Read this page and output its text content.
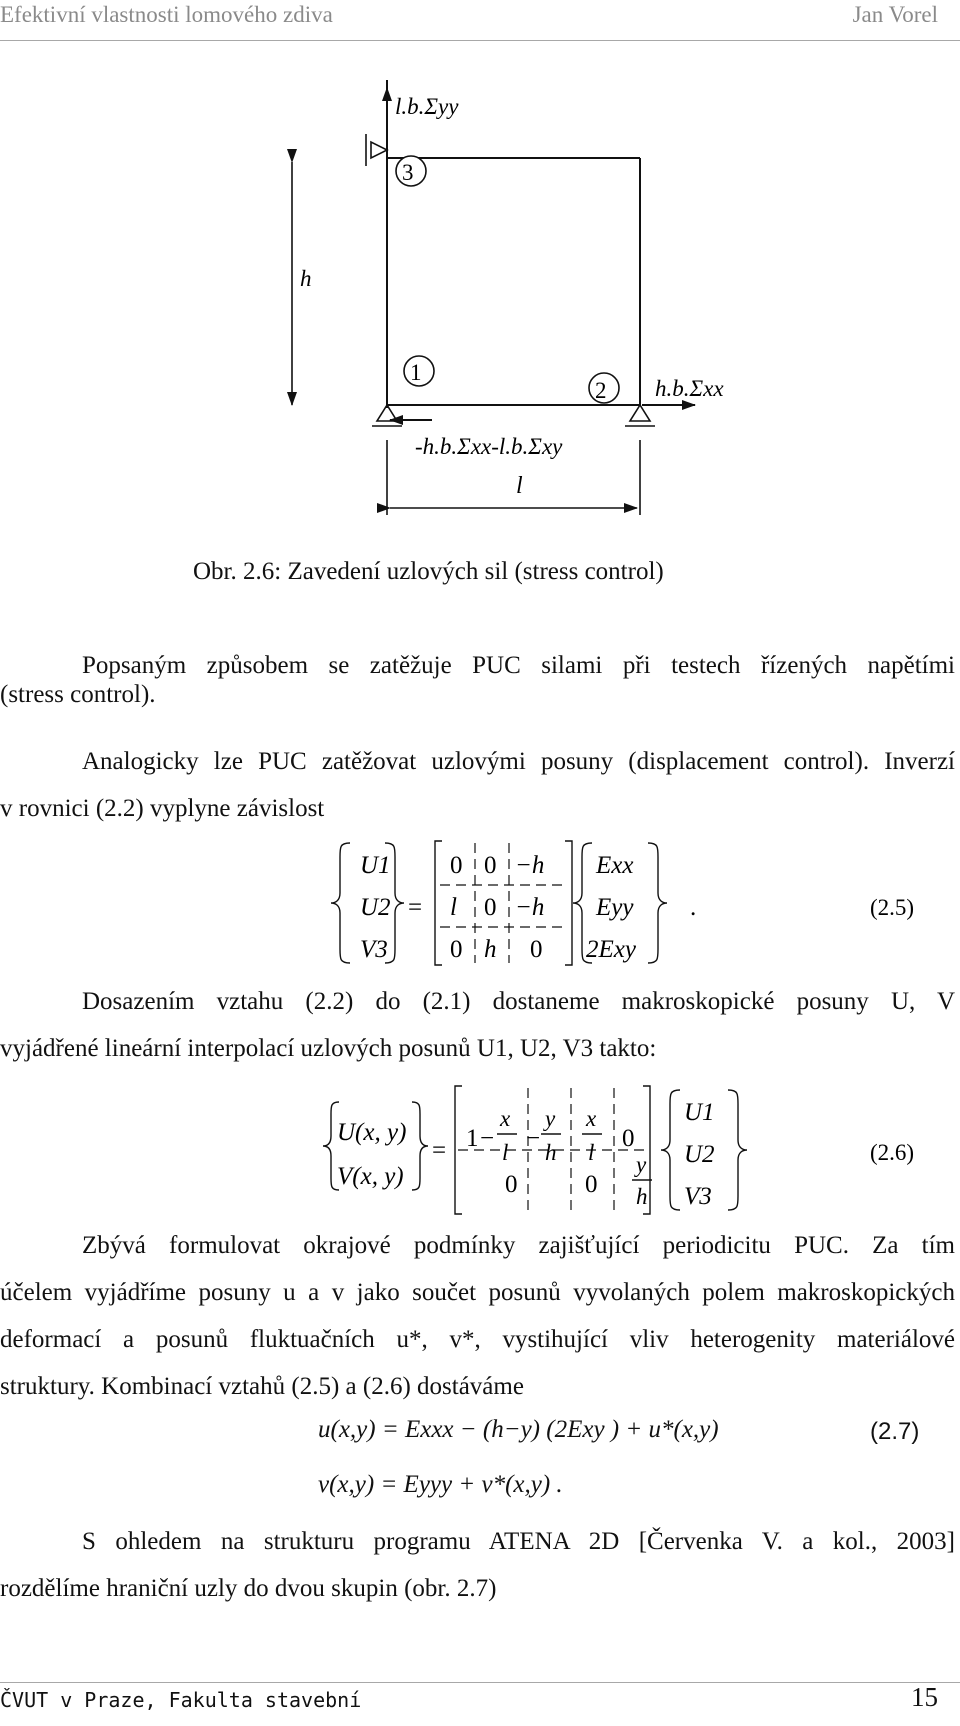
Efektivní vlastnosti lomového zdiva	Jan Vorel
l.b.Σyy
3
1
2
h
h.b.Σxx
-h.b.Σxx-l.b.Σxy
l
Obr. 2.6: Zavedení uzlových sil (stress control)

Popsaným způsobem se zatěžuje PUC silami při testech řízených napětími

(stress control).

Analogicky lze PUC zatěžovat uzlovými posuny (displacement control). Inverzí

v rovnici (2.2) vyplyne závislost

U1
U2
V3
=
0 0 −h
l 0 −h
0 h 0
Exx
Eyy
2Exy
.	(2.5)

Dosazením vztahu (2.2) do (2.1) dostaneme makroskopické posuny U, V

vyjádřené lineární interpolací uzlových posunů U1, U2, V3 takto:

U(x, y)
V(x, y)
= 1 −
x
l
−
y
h
x
l
0
0	0
y
h
U1
U2
V3
(2.6)

Zbývá formulovat okrajové podmínky zajišťující periodicitu PUC. Za tím

účelem vyjádříme posuny u a v jako součet posunů vyvolaných polem makroskopických

deformací a posunů fluktuačních u*, v*, vystihující vliv heterogenity materiálové

struktury. Kombinací vztahů (2.5) a (2.6) dostáváme

u(x,y) = Exxx − (h−y) (2Exy ) + u*(x,y)	(2.7)
v(x,y) = Eyyy + v*(x,y) .

S ohledem na strukturu programu ATENA 2D [Červenka V. a kol., 2003]

rozdělíme hraniční uzly do dvou skupin (obr. 2.7)

ČVUT v Praze, Fakulta stavební	15
